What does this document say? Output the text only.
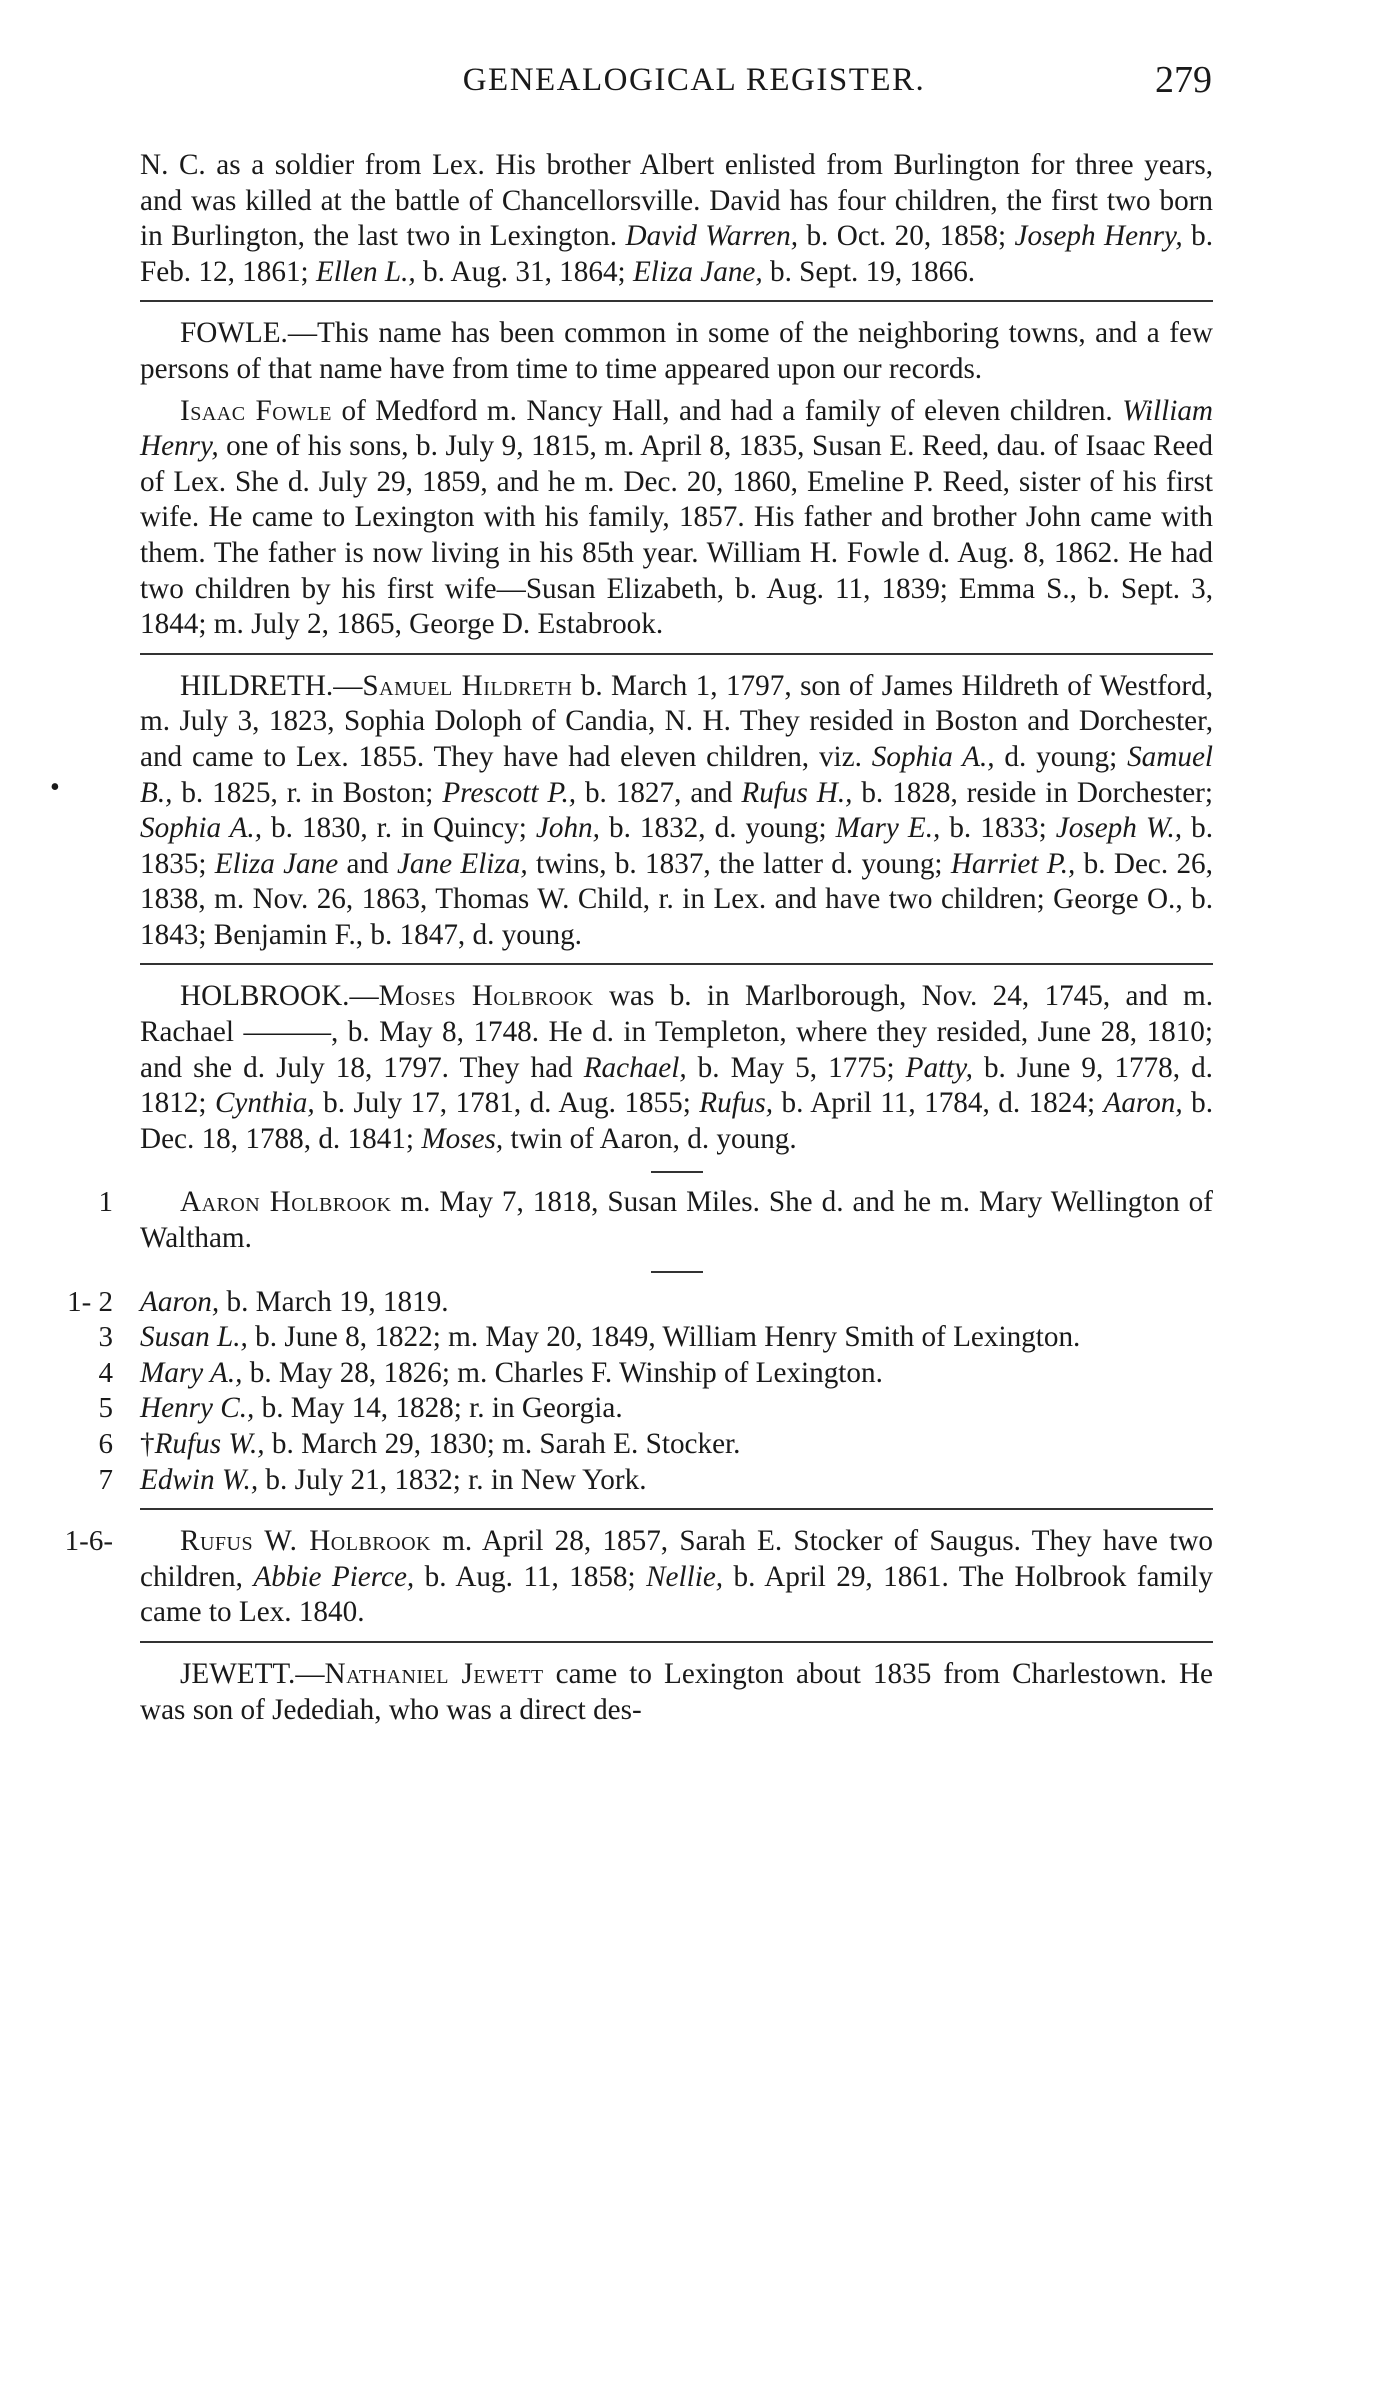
GENEALOGICAL REGISTER.	279
•

N. C. as a soldier from Lex. His brother Albert enlisted from Burlington for three years, and was killed at the battle of Chancellorsville. David has four children, the first two born in Burlington, the last two in Lexington. David Warren, b. Oct. 20, 1858; Joseph Henry, b. Feb. 12, 1861; Ellen L., b. Aug. 31, 1864; Eliza Jane, b. Sept. 19, 1866.

FOWLE.—This name has been common in some of the neighboring towns, and a few persons of that name have from time to time appeared upon our records.

Isaac Fowle of Medford m. Nancy Hall, and had a family of eleven children. William Henry, one of his sons, b. July 9, 1815, m. April 8, 1835, Susan E. Reed, dau. of Isaac Reed of Lex. She d. July 29, 1859, and he m. Dec. 20, 1860, Emeline P. Reed, sister of his first wife. He came to Lexington with his family, 1857. His father and brother John came with them. The father is now living in his 85th year. William H. Fowle d. Aug. 8, 1862. He had two children by his first wife—Susan Elizabeth, b. Aug. 11, 1839; Emma S., b. Sept. 3, 1844; m. July 2, 1865, George D. Estabrook.

HILDRETH.—Samuel Hildreth b. March 1, 1797, son of James Hildreth of Westford, m. July 3, 1823, Sophia Doloph of Candia, N. H. They resided in Boston and Dorchester, and came to Lex. 1855. They have had eleven children, viz. Sophia A., d. young; Samuel B., b. 1825, r. in Boston; Prescott P., b. 1827, and Rufus H., b. 1828, reside in Dorchester; Sophia A., b. 1830, r. in Quincy; John, b. 1832, d. young; Mary E., b. 1833; Joseph W., b. 1835; Eliza Jane and Jane Eliza, twins, b. 1837, the latter d. young; Harriet P., b. Dec. 26, 1838, m. Nov. 26, 1863, Thomas W. Child, r. in Lex. and have two children; George O., b. 1843; Benjamin F., b. 1847, d. young.

HOLBROOK.—Moses Holbrook was b. in Marlborough, Nov. 24, 1745, and m. Rachael ———, b. May 8, 1748. He d. in Templeton, where they resided, June 28, 1810; and she d. July 18, 1797. They had Rachael, b. May 5, 1775; Patty, b. June 9, 1778, d. 1812; Cynthia, b. July 17, 1781, d. Aug. 1855; Rufus, b. April 11, 1784, d. 1824; Aaron, b. Dec. 18, 1788, d. 1841; Moses, twin of Aaron, d. young.

1	Aaron Holbrook m. May 7, 1818, Susan Miles. She d. and he m. Mary Wellington of Waltham.

1- 2 Aaron, b. March 19, 1819.

3 Susan L., b. June 8, 1822; m. May 20, 1849, William Henry Smith of Lexington.

4 Mary A., b. May 28, 1826; m. Charles F. Winship of Lexington.

5 Henry C., b. May 14, 1828; r. in Georgia.

6 †Rufus W., b. March 29, 1830; m. Sarah E. Stocker.

7 Edwin W., b. July 21, 1832; r. in New York.

1-6-	Rufus W. Holbrook m. April 28, 1857, Sarah E. Stocker of Saugus. They have two children, Abbie Pierce, b. Aug. 11, 1858; Nellie, b. April 29, 1861. The Holbrook family came to Lex. 1840.

JEWETT.—Nathaniel Jewett came to Lexington about 1835 from Charlestown. He was son of Jedediah, who was a direct des-
